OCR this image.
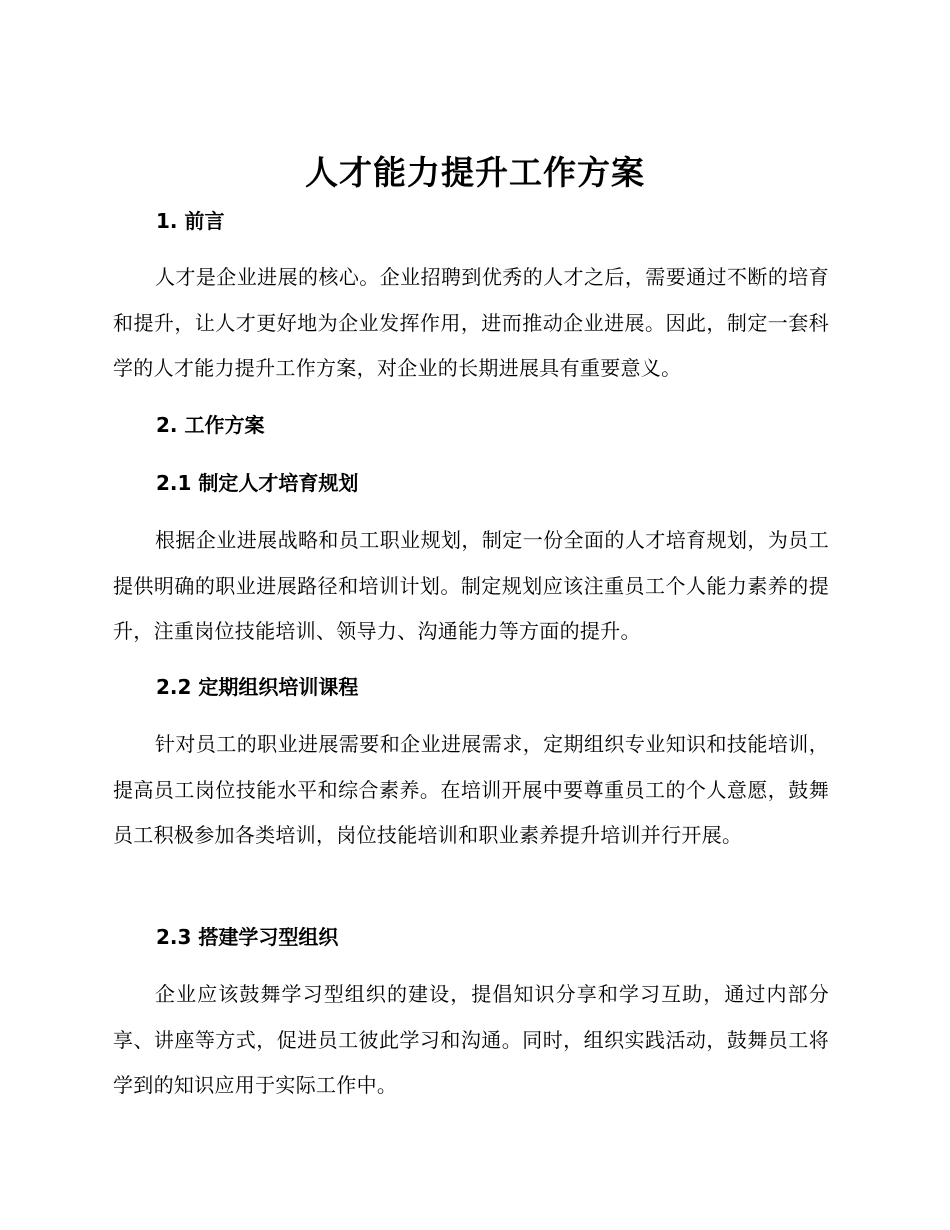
人才能力提升工作方案
1. 前言

人才是企业进展的核心。企业招聘到优秀的人才之后，需要通过不断的培育和提升，让人才更好地为企业发挥作用，进而推动企业进展。因此，制定一套科学的人才能力提升工作方案，对企业的长期进展具有重要意义。

2. 工作方案
2.1 制定人才培育规划

根据企业进展战略和员工职业规划，制定一份全面的人才培育规划，为员工提供明确的职业进展路径和培训计划。制定规划应该注重员工个人能力素养的提升，注重岗位技能培训、领导力、沟通能力等方面的提升。

2.2 定期组织培训课程

针对员工的职业进展需要和企业进展需求，定期组织专业知识和技能培训，提高员工岗位技能水平和综合素养。在培训开展中要尊重员工的个人意愿，鼓舞员工积极参加各类培训，岗位技能培训和职业素养提升培训并行开展。

2.3 搭建学习型组织

企业应该鼓舞学习型组织的建设，提倡知识分享和学习互助，通过内部分享、讲座等方式，促进员工彼此学习和沟通。同时，组织实践活动，鼓舞员工将学到的知识应用于实际工作中。
